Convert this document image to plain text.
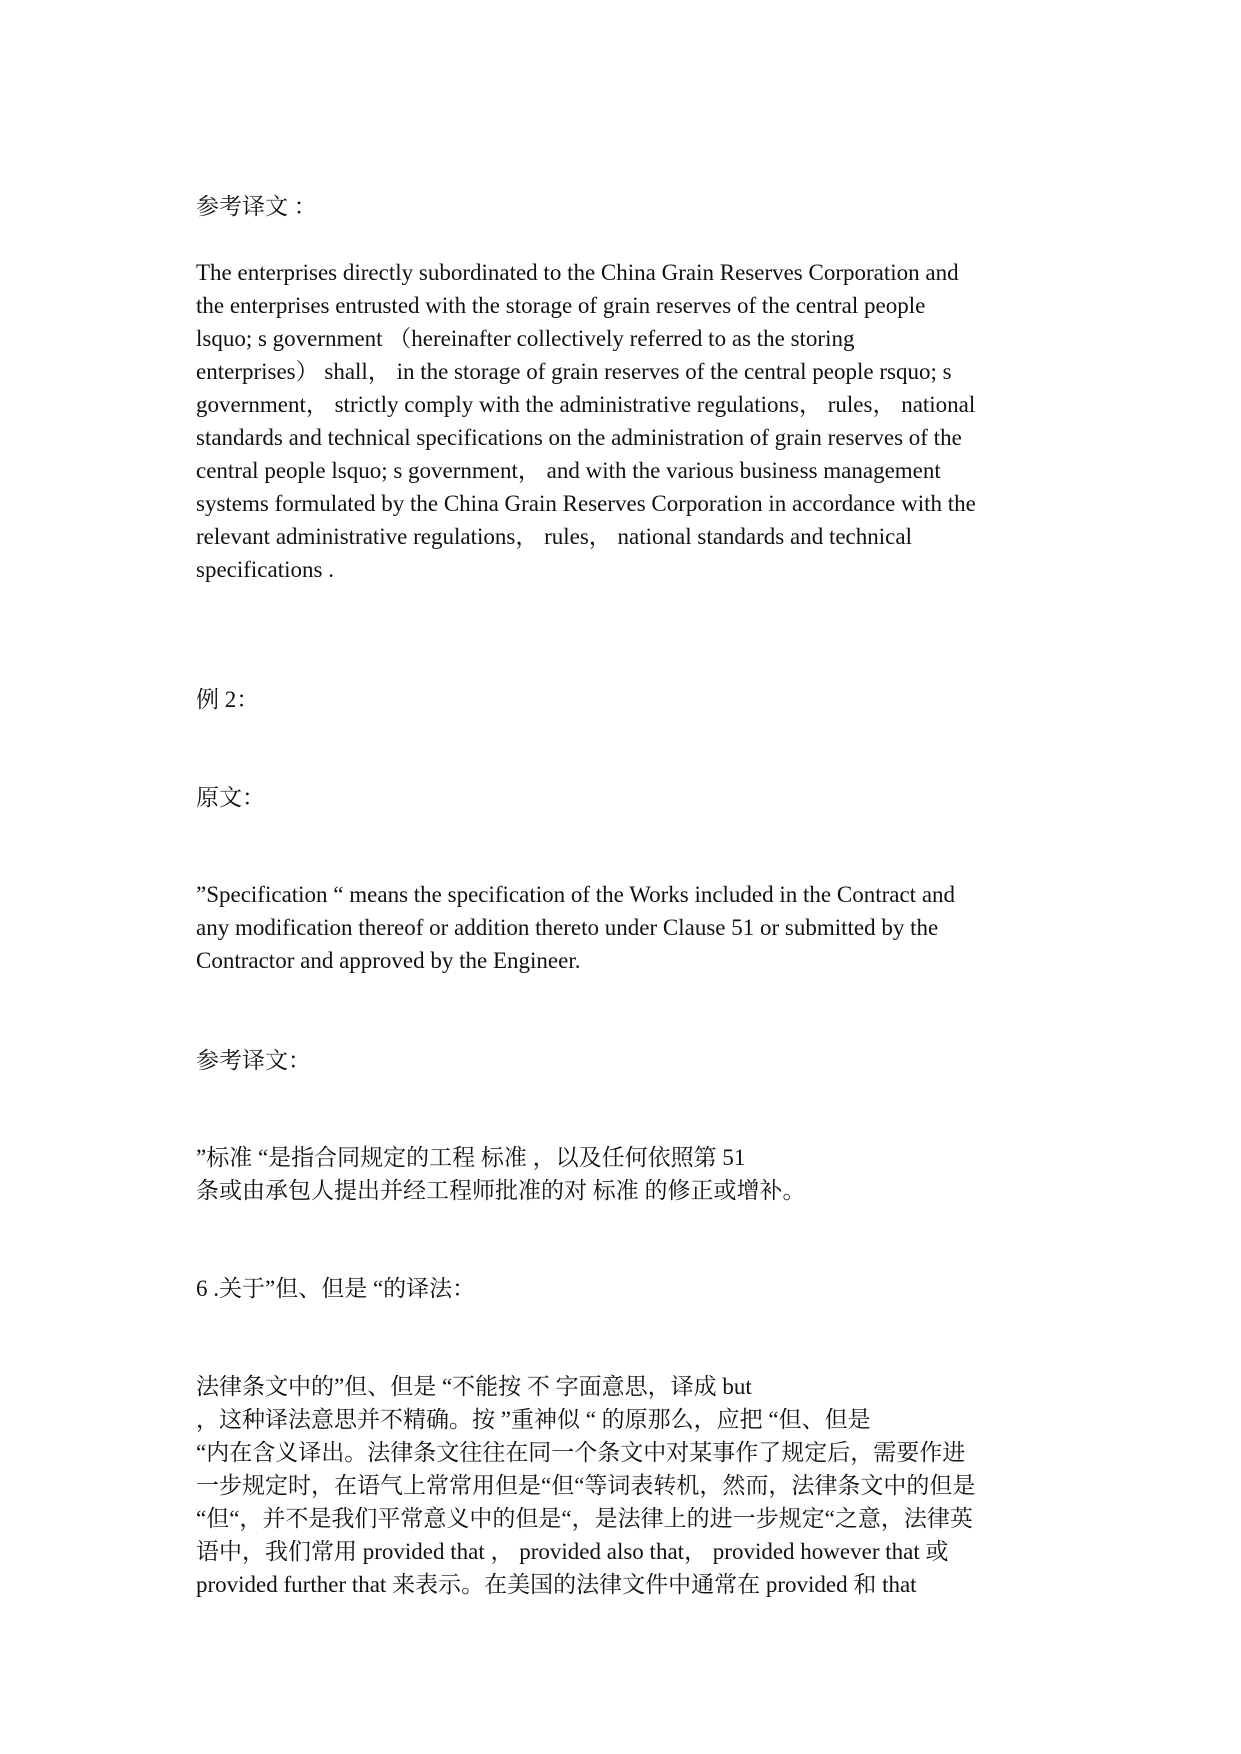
参考译文 ：

The enterprises directly subordinated to the China Grain Reserves Corporation and

the enterprises entrusted with the storage of grain reserves of the central people

lsquo; s government （hereinafter collectively referred to as the storing

enterprises） shall， in the storage of grain reserves of the central people rsquo; s

government， strictly comply with the administrative regulations， rules， national

standards and technical specifications on the administration of grain reserves of the

central people lsquo; s government， and with the various business management

systems formulated by the China Grain Reserves Corporation in accordance with the

relevant administrative regulations， rules， national standards and technical

specifications .

例 2：

原文：

”Specification “ means the specification of the Works included in the Contract and

any modification thereof or addition thereto under Clause 51 or submitted by the

Contractor and approved by the Engineer.

参考译文：

”标准 “是指合同规定的工程 标准 ，以及任何依照第 51

条或由承包人提出并经工程师批准的对 标准 的修正或增补。

6 .关于”但、但是 “的译法：

法律条文中的”但、但是 “不能按 不 字面意思，译成 but

，这种译法意思并不精确。按 ”重神似 “ 的原那么，应把 “但、但是

“内在含义译出。法律条文往往在同一个条文中对某事作了规定后，需要作进

一步规定时，在语气上常常用但是“但“等词表转机，然而，法律条文中的但是

“但“，并不是我们平常意义中的但是“，是法律上的进一步规定“之意，法律英

语中，我们常用 provided that ， provided also that， provided however that 或

provided further that 来表示。在美国的法律文件中通常在 provided 和 that
